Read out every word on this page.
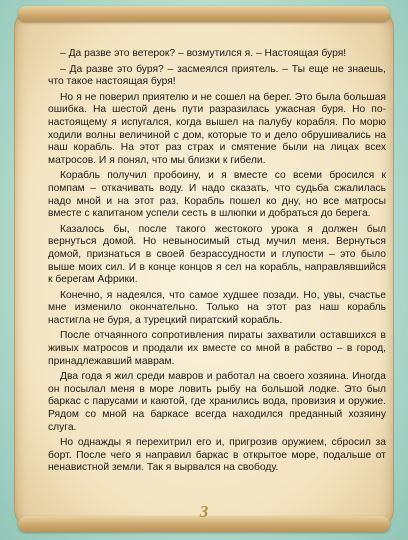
– Да разве это ветерок? – возмутился я. – Настоящая буря!

– Да разве это буря? – засмеялся приятель. – Ты еще не знаешь, что такое настоящая буря!

Но я не поверил приятелю и не сошел на берег. Это была большая ошибка. На шестой день пути разразилась ужасная буря. Но по-настоящему я испугался, когда вышел на палубу корабля. По морю ходили волны величиной с дом, которые то и дело обрушивались на наш корабль. На этот раз страх и смятение были на лицах всех матросов. И я понял, что мы близки к гибели.

Корабль получил пробоину, и я вместе со всеми бросился к помпам – откачивать воду. И надо сказать, что судьба сжалилась надо мной и на этот раз. Корабль пошел ко дну, но все матросы вместе с капитаном успели сесть в шлюпки и добраться до берега.

Казалось бы, после такого жестокого урока я должен был вернуться домой. Но невыносимый стыд мучил меня. Вернуться домой, признаться в своей безрассудности и глупости – это было выше моих сил. И в конце концов я сел на корабль, направлявшийся к берегам Африки.

Конечно, я надеялся, что самое худшее позади. Но, увы, счастье мне изменило окончательно. Только на этот раз наш корабль настигла не буря, а турецкий пиратский корабль.

После отчаянного сопротивления пираты захватили оставшихся в живых матросов и продали их вместе со мной в рабство – в город, принадлежавший маврам.

Два года я жил среди мавров и работал на своего хозяина. Иногда он посылал меня в море ловить рыбу на большой лодке. Это был баркас с парусами и каютой, где хранились вода, провизия и оружие. Рядом со мной на баркасе всегда находился преданный хозяину слуга.

Но однажды я перехитрил его и, пригрозив оружием, сбросил за борт. После чего я направил баркас в открытое море, подальше от ненавистной земли. Так я вырвался на свободу.

3
